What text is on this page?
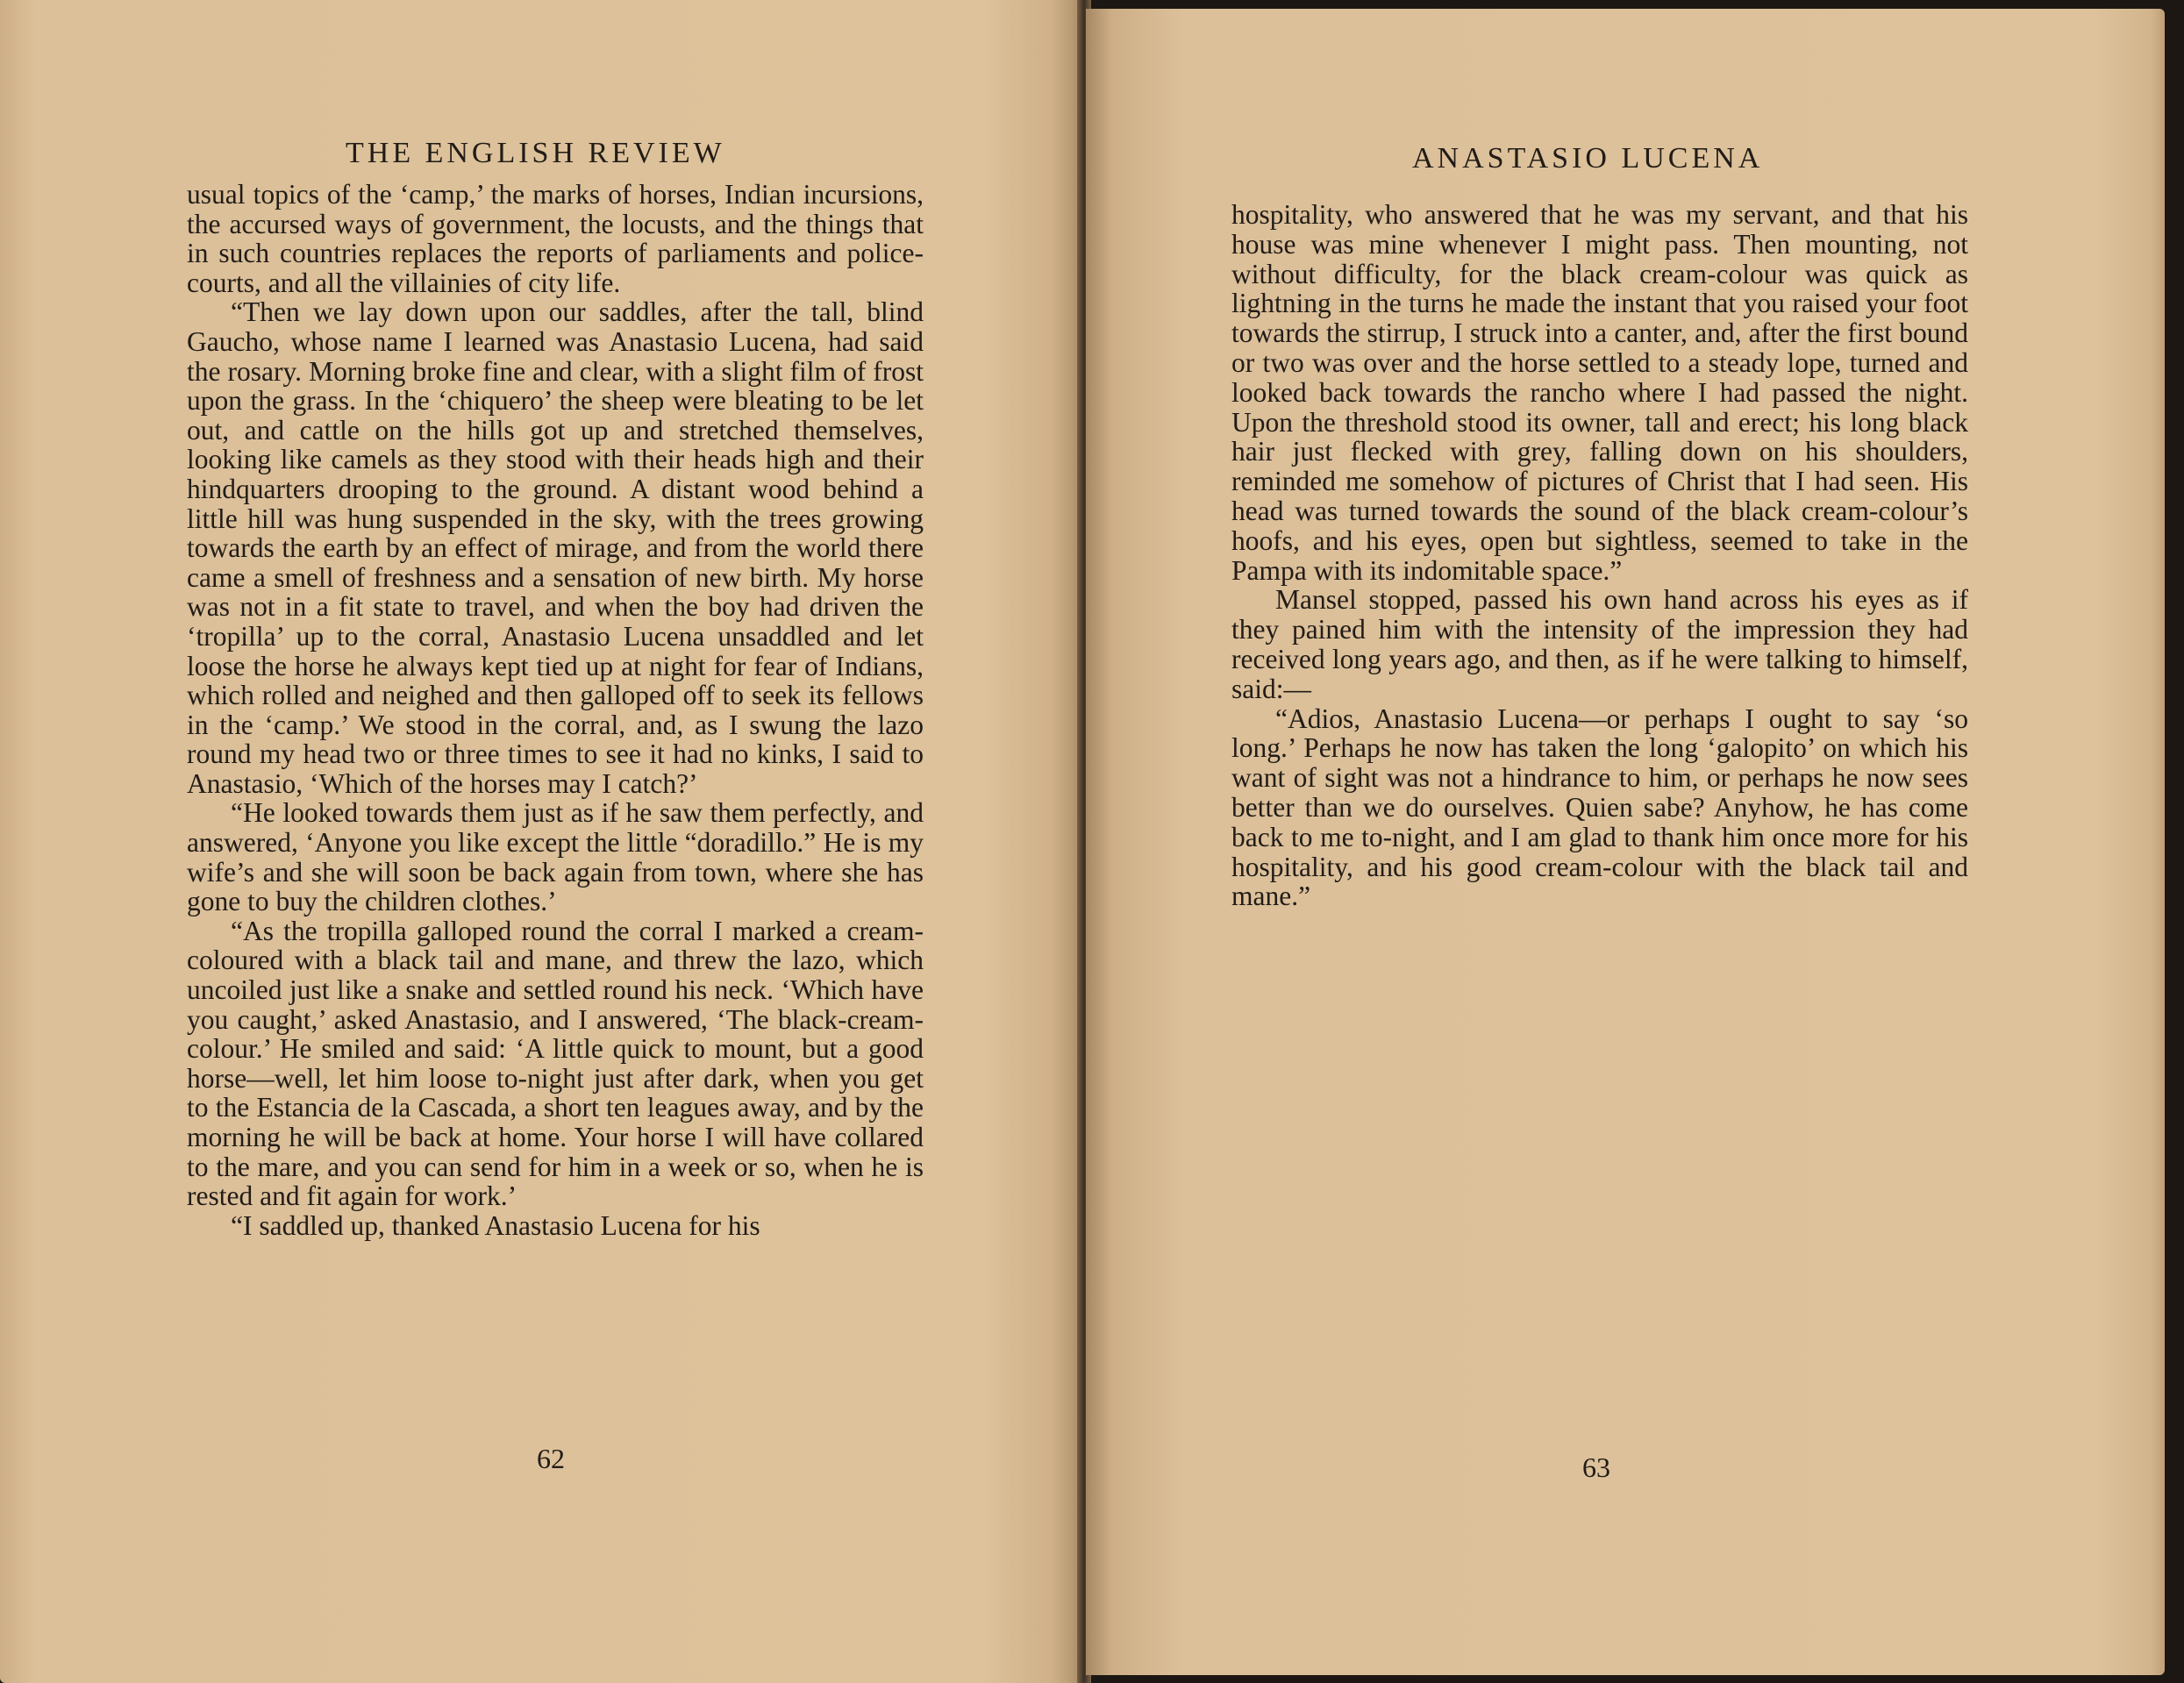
THE ENGLISH REVIEW

usual topics of the ‘camp,’ the marks of horses, Indian incursions, the accursed ways of government, the locusts, and the things that in such countries replaces the reports of parliaments and police-courts, and all the villainies of city life.

“Then we lay down upon our saddles, after the tall, blind Gaucho, whose name I learned was Anastasio Lucena, had said the rosary. Morning broke fine and clear, with a slight film of frost upon the grass. In the ‘chiquero’ the sheep were bleating to be let out, and cattle on the hills got up and stretched themselves, looking like camels as they stood with their heads high and their hindquarters drooping to the ground. A distant wood behind a little hill was hung suspended in the sky, with the trees growing towards the earth by an effect of mirage, and from the world there came a smell of freshness and a sensation of new birth. My horse was not in a fit state to travel, and when the boy had driven the ‘tropilla’ up to the corral, Anastasio Lucena unsaddled and let loose the horse he always kept tied up at night for fear of Indians, which rolled and neighed and then galloped off to seek its fellows in the ‘camp.’ We stood in the corral, and, as I swung the lazo round my head two or three times to see it had no kinks, I said to Anastasio, ‘Which of the horses may I catch?’

“He looked towards them just as if he saw them perfectly, and answered, ‘Anyone you like except the little “doradillo.” He is my wife’s and she will soon be back again from town, where she has gone to buy the children clothes.’

“As the tropilla galloped round the corral I marked a cream-coloured with a black tail and mane, and threw the lazo, which uncoiled just like a snake and settled round his neck. ‘Which have you caught,’ asked Anastasio, and I answered, ‘The black-cream-colour.’ He smiled and said: ‘A little quick to mount, but a good horse—well, let him loose to-night just after dark, when you get to the Estancia de la Cascada, a short ten leagues away, and by the morning he will be back at home. Your horse I will have collared to the mare, and you can send for him in a week or so, when he is rested and fit again for work.’

“I saddled up, thanked Anastasio Lucena for his

62
ANASTASIO LUCENA

hospitality, who answered that he was my servant, and that his house was mine whenever I might pass. Then mounting, not without difficulty, for the black cream-colour was quick as lightning in the turns he made the instant that you raised your foot towards the stirrup, I struck into a canter, and, after the first bound or two was over and the horse settled to a steady lope, turned and looked back towards the rancho where I had passed the night. Upon the threshold stood its owner, tall and erect; his long black hair just flecked with grey, falling down on his shoulders, reminded me somehow of pictures of Christ that I had seen. His head was turned towards the sound of the black cream-colour’s hoofs, and his eyes, open but sightless, seemed to take in the Pampa with its indomitable space.”

Mansel stopped, passed his own hand across his eyes as if they pained him with the intensity of the impression they had received long years ago, and then, as if he were talking to himself, said:—

“Adios, Anastasio Lucena—or perhaps I ought to say ‘so long.’ Perhaps he now has taken the long ‘galopito’ on which his want of sight was not a hindrance to him, or perhaps he now sees better than we do ourselves. Quien sabe? Anyhow, he has come back to me to-night, and I am glad to thank him once more for his hospitality, and his good cream-colour with the black tail and mane.”

63
